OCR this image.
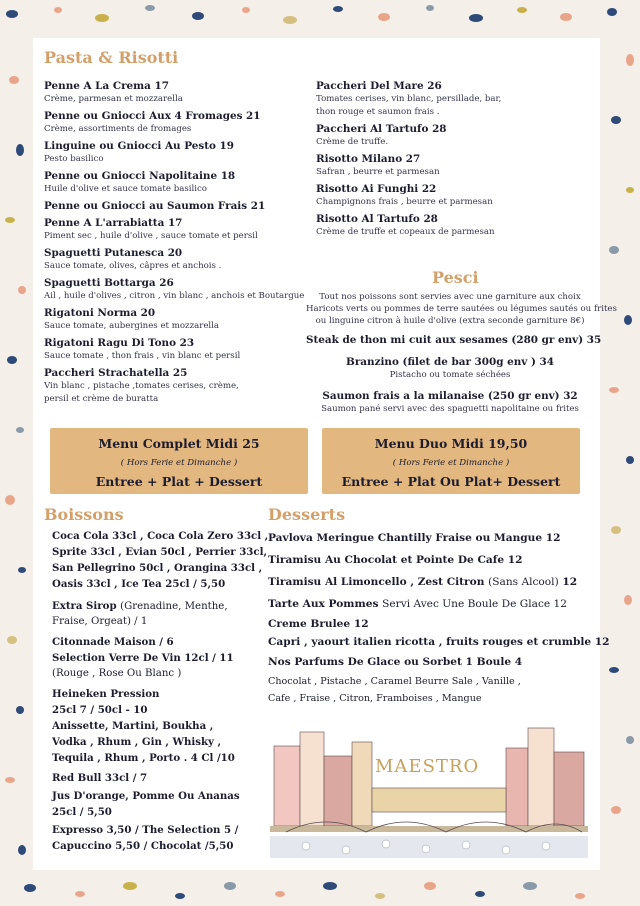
Pasta & Risotti
Penne A La Crema 17
Crème, parmesan et mozzarella
Penne ou Gniocci Aux 4 Fromages 21
Crème, assortiments de fromages
Linguine ou Gniocci Au Pesto 19
Pesto basilico
Penne ou Gniocci Napolitaine 18
Huile d'olive et sauce tomate basilico
Penne ou Gniocci au Saumon Frais 21
Penne A L'arrabiatta 17
Piment sec , huile d'olive , sauce tomate et persil
Spaguetti Putanesca 20
Sauce tomate, olives, câpres et anchois .
Spaguetti Bottarga 26
Ail , huile d'olives , citron , vin blanc , anchois et Boutargue
Rigatoni Norma 20
Sauce tomate, aubergines et mozzarella
Rigatoni Ragu Di Tono 23
Sauce tomate , thon frais , vin blanc et persil
Paccheri Strachatella 25
Vin blanc , pistache ,tomates cerises, crème,
persil et crème de buratta
Paccheri Del Mare 26
Tomates cerises, vin blanc, persillade, bar,
thon rouge et saumon frais .
Paccheri Al Tartufo 28
Crème de truffe.
Risotto Milano 27
Safran , beurre et parmesan
Risotto Ai Funghi 22
Champignons frais , beurre et parmesan
Risotto Al Tartufo 28
Crème de truffe et copeaux de parmesan
Pesci
Tout nos poissons sont servies avec une garniture aux choix
Haricots verts ou pommes de terre sautées ou légumes sautés ou frites
ou linguine citron à huile d'olive (extra seconde garniture 8€)
Steak de thon mi cuit aux sesames (280 gr env) 35
Branzino (filet de bar 300g env ) 34
Pistacho ou tomate séchées
Saumon frais a la milanaise (250 gr env) 32
Saumon pané servi avec des spaguetti napolitaine ou frites
Menu Complet Midi 25
( Hors Ferie et Dimanche )
Entree + Plat + Dessert
Menu Duo Midi 19,50
( Hors Ferie et Dimanche )
Entree + Plat Ou Plat+ Dessert
Boissons
Coca Cola 33cl , Coca Cola Zero 33cl ,
Sprite 33cl , Evian 50cl , Perrier 33cl,
San Pellegrino 50cl , Orangina 33cl ,
Oasis 33cl , Ice Tea 25cl / 5,50
Extra Sirop (Grenadine, Menthe,
Fraise, Orgeat) / 1
Citonnade Maison / 6
Selection Verre De Vin 12cl / 11
(Rouge , Rose Ou Blanc )
Heineken Pression
25cl 7 / 50cl - 10
Anissette, Martini, Boukha ,
Vodka , Rhum , Gin , Whisky ,
Tequila , Rhum , Porto . 4 Cl /10
Red Bull 33cl / 7
Jus D'orange, Pomme Ou Ananas
25cl / 5,50
Expresso 3,50 / The Selection 5 /
Capuccino 5,50 / Chocolat /5,50
Desserts
Pavlova Meringue Chantilly Fraise ou Mangue 12
Tiramisu Au Chocolat et Pointe De Cafe 12
Tiramisu Al Limoncello , Zest Citron (Sans Alcool) 12
Tarte Aux Pommes Servi Avec Une Boule De Glace 12
Creme Brulee 12
Capri , yaourt italien ricotta , fruits rouges et crumble 12
Nos Parfums De Glace ou Sorbet 1 Boule 4
Chocolat , Pistache , Caramel Beurre Sale , Vanille ,
Cafe , Fraise , Citron, Framboises , Mangue
MAESTRO
